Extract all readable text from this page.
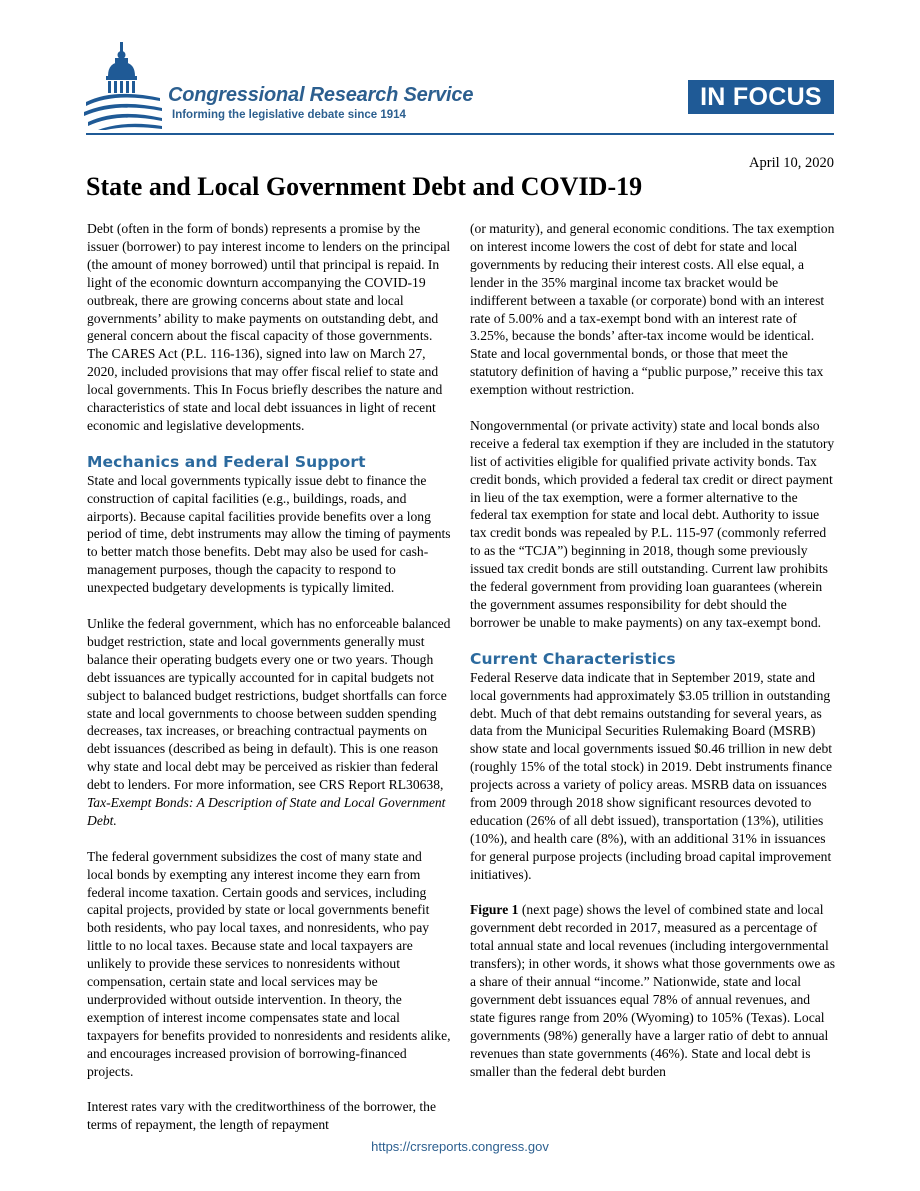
Congressional Research Service
Informing the legislative debate since 1914
IN FOCUS
April 10, 2020
State and Local Government Debt and COVID-19

Debt (often in the form of bonds) represents a promise by the issuer (borrower) to pay interest income to lenders on the principal (the amount of money borrowed) until that principal is repaid. In light of the economic downturn accompanying the COVID-19 outbreak, there are growing concerns about state and local governments’ ability to make payments on outstanding debt, and general concern about the fiscal capacity of those governments. The CARES Act (P.L. 116-136), signed into law on March 27, 2020, included provisions that may offer fiscal relief to state and local governments. This In Focus briefly describes the nature and characteristics of state and local debt issuances in light of recent economic and legislative developments.

Mechanics and Federal Support

State and local governments typically issue debt to finance the construction of capital facilities (e.g., buildings, roads, and airports). Because capital facilities provide benefits over a long period of time, debt instruments may allow the timing of payments to better match those benefits. Debt may also be used for cash-management purposes, though the capacity to respond to unexpected budgetary developments is typically limited.

Unlike the federal government, which has no enforceable balanced budget restriction, state and local governments generally must balance their operating budgets every one or two years. Though debt issuances are typically accounted for in capital budgets not subject to balanced budget restrictions, budget shortfalls can force state and local governments to choose between sudden spending decreases, tax increases, or breaching contractual payments on debt issuances (described as being in default). This is one reason why state and local debt may be perceived as riskier than federal debt to lenders. For more information, see CRS Report RL30638, Tax-Exempt Bonds: A Description of State and Local Government Debt.

The federal government subsidizes the cost of many state and local bonds by exempting any interest income they earn from federal income taxation. Certain goods and services, including capital projects, provided by state or local governments benefit both residents, who pay local taxes, and nonresidents, who pay little to no local taxes. Because state and local taxpayers are unlikely to provide these services to nonresidents without compensation, certain state and local services may be underprovided without outside intervention. In theory, the exemption of interest income compensates state and local taxpayers for benefits provided to nonresidents and residents alike, and encourages increased provision of borrowing-financed projects.

Interest rates vary with the creditworthiness of the borrower, the terms of repayment, the length of repayment

(or maturity), and general economic conditions. The tax exemption on interest income lowers the cost of debt for state and local governments by reducing their interest costs. All else equal, a lender in the 35% marginal income tax bracket would be indifferent between a taxable (or corporate) bond with an interest rate of 5.00% and a tax-exempt bond with an interest rate of 3.25%, because the bonds’ after-tax income would be identical. State and local governmental bonds, or those that meet the statutory definition of having a “public purpose,” receive this tax exemption without restriction.

Nongovernmental (or private activity) state and local bonds also receive a federal tax exemption if they are included in the statutory list of activities eligible for qualified private activity bonds. Tax credit bonds, which provided a federal tax credit or direct payment in lieu of the tax exemption, were a former alternative to the federal tax exemption for state and local debt. Authority to issue tax credit bonds was repealed by P.L. 115-97 (commonly referred to as the “TCJA”) beginning in 2018, though some previously issued tax credit bonds are still outstanding. Current law prohibits the federal government from providing loan guarantees (wherein the government assumes responsibility for debt should the borrower be unable to make payments) on any tax-exempt bond.

Current Characteristics

Federal Reserve data indicate that in September 2019, state and local governments had approximately $3.05 trillion in outstanding debt. Much of that debt remains outstanding for several years, as data from the Municipal Securities Rulemaking Board (MSRB) show state and local governments issued $0.46 trillion in new debt (roughly 15% of the total stock) in 2019. Debt instruments finance projects across a variety of policy areas. MSRB data on issuances from 2009 through 2018 show significant resources devoted to education (26% of all debt issued), transportation (13%), utilities (10%), and health care (8%), with an additional 31% in issuances for general purpose projects (including broad capital improvement initiatives).

Figure 1 (next page) shows the level of combined state and local government debt recorded in 2017, measured as a percentage of total annual state and local revenues (including intergovernmental transfers); in other words, it shows what those governments owe as a share of their annual “income.” Nationwide, state and local government debt issuances equal 78% of annual revenues, and state figures range from 20% (Wyoming) to 105% (Texas). Local governments (98%) generally have a larger ratio of debt to annual revenues than state governments (46%). State and local debt is smaller than the federal debt burden

https://crsreports.congress.gov
